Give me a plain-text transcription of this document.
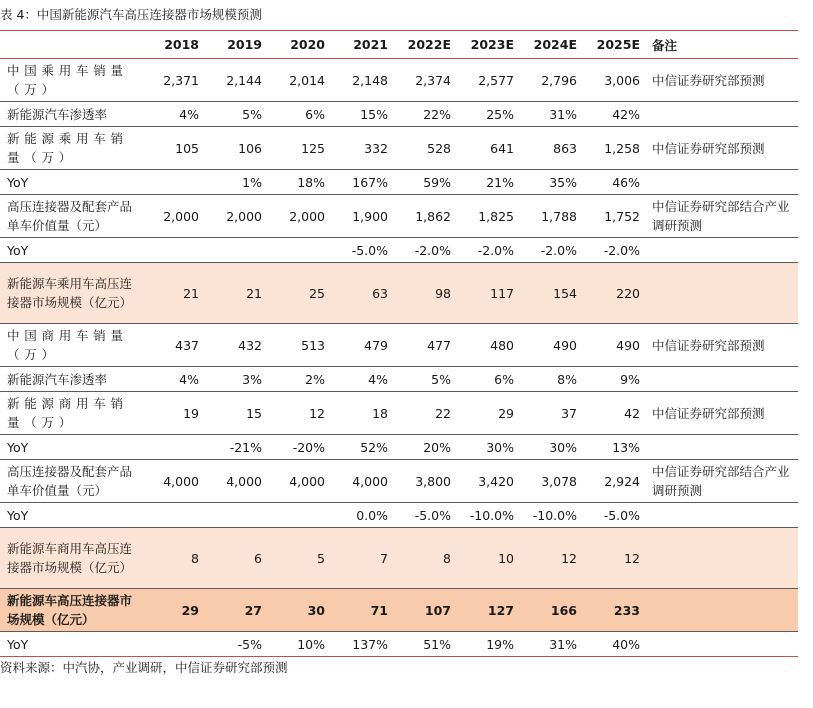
表 4：中国新能源汽车高压连接器市场规模预测
	2018	2019	2020	2021	2022E	2023E	2024E	2025E	备注
中国乘用车销量（万）	2,371	2,144	2,014	2,148	2,374	2,577	2,796	3,006	中信证券研究部预测
新能源汽车渗透率	4%	5%	6%	15%	22%	25%	31%	42%	
新能源乘用车销量（万）	105	106	125	332	528	641	863	1,258	中信证券研究部预测
YoY		1%	18%	167%	59%	21%	35%	46%	
高压连接器及配套产品单车价值量（元）	2,000	2,000	2,000	1,900	1,862	1,825	1,788	1,752	中信证券研究部结合产业调研预测
YoY				-5.0%	-2.0%	-2.0%	-2.0%	-2.0%	
新能源车乘用车高压连接器市场规模（亿元）	21	21	25	63	98	117	154	220	
中国商用车销量（万）	437	432	513	479	477	480	490	490	中信证券研究部预测
新能源汽车渗透率	4%	3%	2%	4%	5%	6%	8%	9%	
新能源商用车销量（万）	19	15	12	18	22	29	37	42	中信证券研究部预测
YoY		-21%	-20%	52%	20%	30%	30%	13%	
高压连接器及配套产品单车价值量（元）	4,000	4,000	4,000	4,000	3,800	3,420	3,078	2,924	中信证券研究部结合产业调研预测
YoY				0.0%	-5.0%	-10.0%	-10.0%	-5.0%	
新能源车商用车高压连接器市场规模（亿元）	8	6	5	7	8	10	12	12	
新能源车高压连接器市场规模（亿元）	29	27	30	71	107	127	166	233	
YoY		-5%	10%	137%	51%	19%	31%	40%	
资料来源：中汽协，产业调研，中信证券研究部预测
